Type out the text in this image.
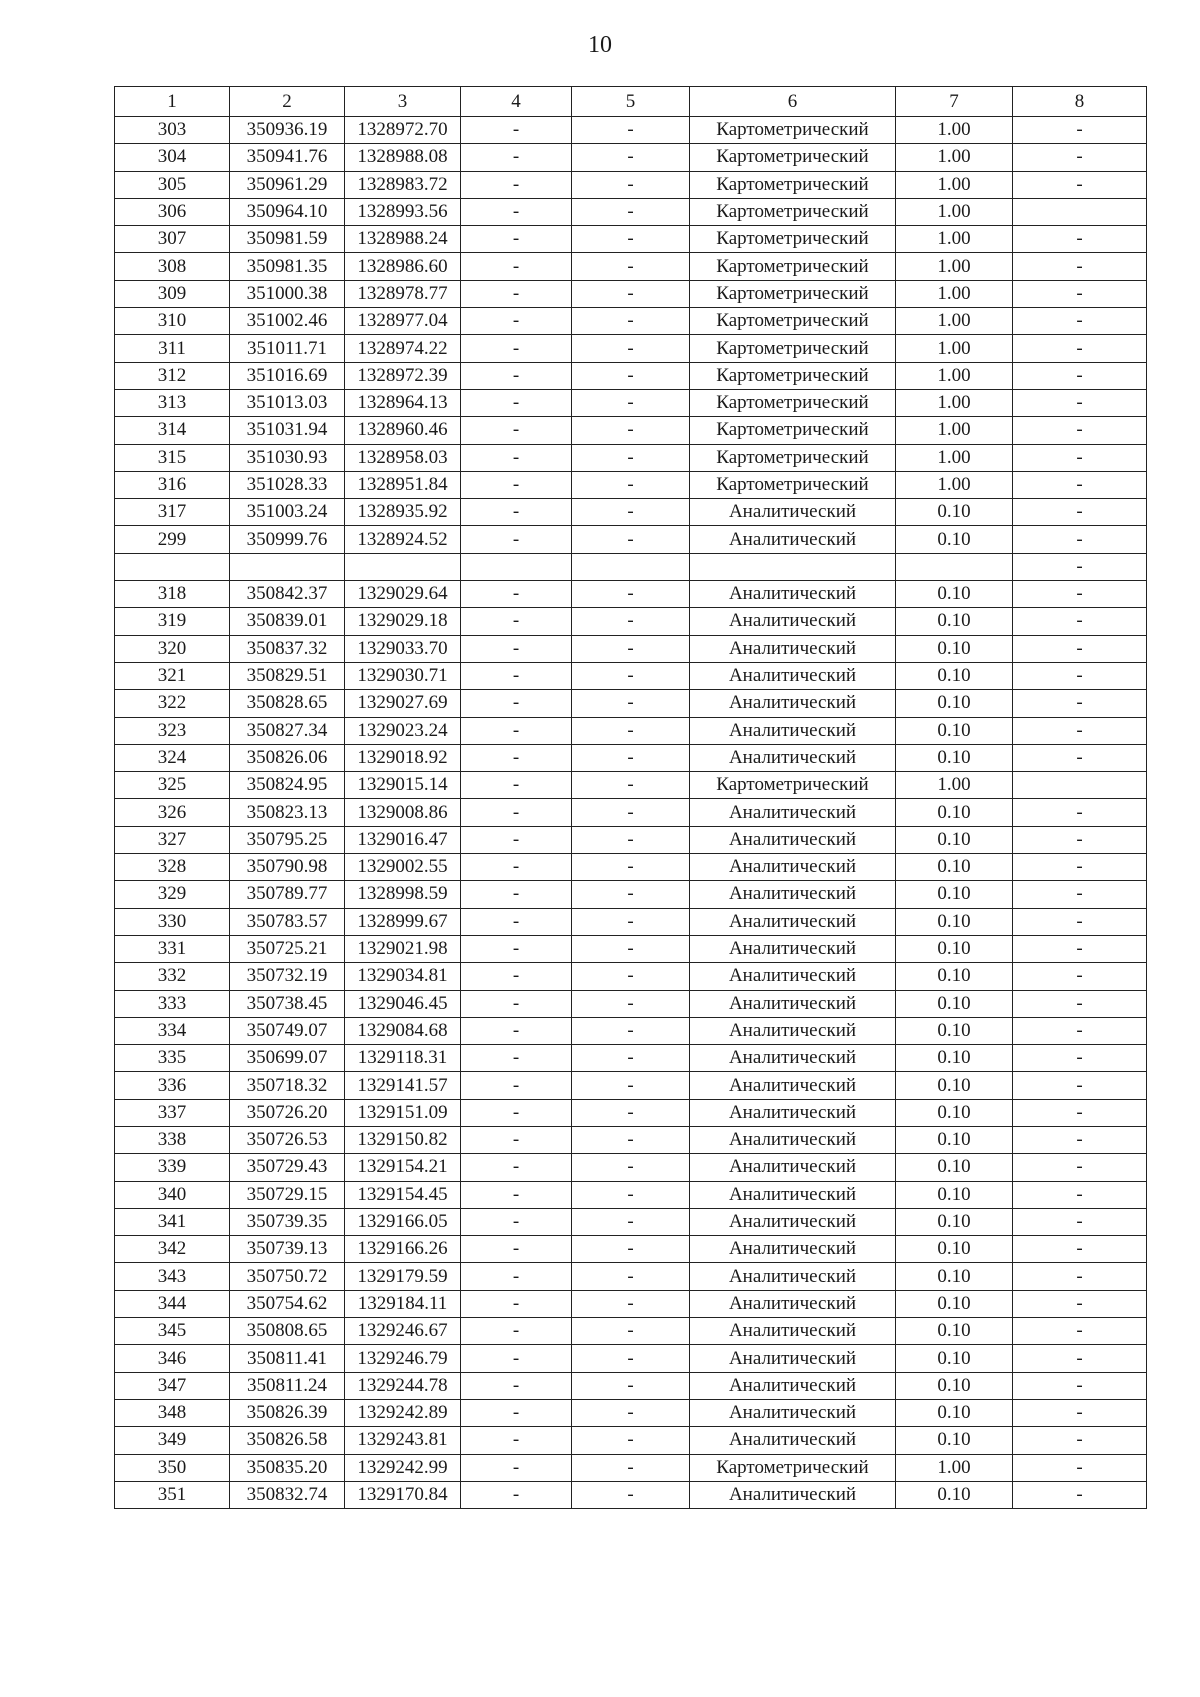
10
1	2	3	4	5	6	7	8
303	350936.19	1328972.70	-	-	Картометрический	1.00	-
304	350941.76	1328988.08	-	-	Картометрический	1.00	-
305	350961.29	1328983.72	-	-	Картометрический	1.00	-
306	350964.10	1328993.56	-	-	Картометрический	1.00	
307	350981.59	1328988.24	-	-	Картометрический	1.00	-
308	350981.35	1328986.60	-	-	Картометрический	1.00	-
309	351000.38	1328978.77	-	-	Картометрический	1.00	-
310	351002.46	1328977.04	-	-	Картометрический	1.00	-
311	351011.71	1328974.22	-	-	Картометрический	1.00	-
312	351016.69	1328972.39	-	-	Картометрический	1.00	-
313	351013.03	1328964.13	-	-	Картометрический	1.00	-
314	351031.94	1328960.46	-	-	Картометрический	1.00	-
315	351030.93	1328958.03	-	-	Картометрический	1.00	-
316	351028.33	1328951.84	-	-	Картометрический	1.00	-
317	351003.24	1328935.92	-	-	Аналитический	0.10	-
299	350999.76	1328924.52	-	-	Аналитический	0.10	-
							-
318	350842.37	1329029.64	-	-	Аналитический	0.10	-
319	350839.01	1329029.18	-	-	Аналитический	0.10	-
320	350837.32	1329033.70	-	-	Аналитический	0.10	-
321	350829.51	1329030.71	-	-	Аналитический	0.10	-
322	350828.65	1329027.69	-	-	Аналитический	0.10	-
323	350827.34	1329023.24	-	-	Аналитический	0.10	-
324	350826.06	1329018.92	-	-	Аналитический	0.10	-
325	350824.95	1329015.14	-	-	Картометрический	1.00	
326	350823.13	1329008.86	-	-	Аналитический	0.10	-
327	350795.25	1329016.47	-	-	Аналитический	0.10	-
328	350790.98	1329002.55	-	-	Аналитический	0.10	-
329	350789.77	1328998.59	-	-	Аналитический	0.10	-
330	350783.57	1328999.67	-	-	Аналитический	0.10	-
331	350725.21	1329021.98	-	-	Аналитический	0.10	-
332	350732.19	1329034.81	-	-	Аналитический	0.10	-
333	350738.45	1329046.45	-	-	Аналитический	0.10	-
334	350749.07	1329084.68	-	-	Аналитический	0.10	-
335	350699.07	1329118.31	-	-	Аналитический	0.10	-
336	350718.32	1329141.57	-	-	Аналитический	0.10	-
337	350726.20	1329151.09	-	-	Аналитический	0.10	-
338	350726.53	1329150.82	-	-	Аналитический	0.10	-
339	350729.43	1329154.21	-	-	Аналитический	0.10	-
340	350729.15	1329154.45	-	-	Аналитический	0.10	-
341	350739.35	1329166.05	-	-	Аналитический	0.10	-
342	350739.13	1329166.26	-	-	Аналитический	0.10	-
343	350750.72	1329179.59	-	-	Аналитический	0.10	-
344	350754.62	1329184.11	-	-	Аналитический	0.10	-
345	350808.65	1329246.67	-	-	Аналитический	0.10	-
346	350811.41	1329246.79	-	-	Аналитический	0.10	-
347	350811.24	1329244.78	-	-	Аналитический	0.10	-
348	350826.39	1329242.89	-	-	Аналитический	0.10	-
349	350826.58	1329243.81	-	-	Аналитический	0.10	-
350	350835.20	1329242.99	-	-	Картометрический	1.00	-
351	350832.74	1329170.84	-	-	Аналитический	0.10	-
